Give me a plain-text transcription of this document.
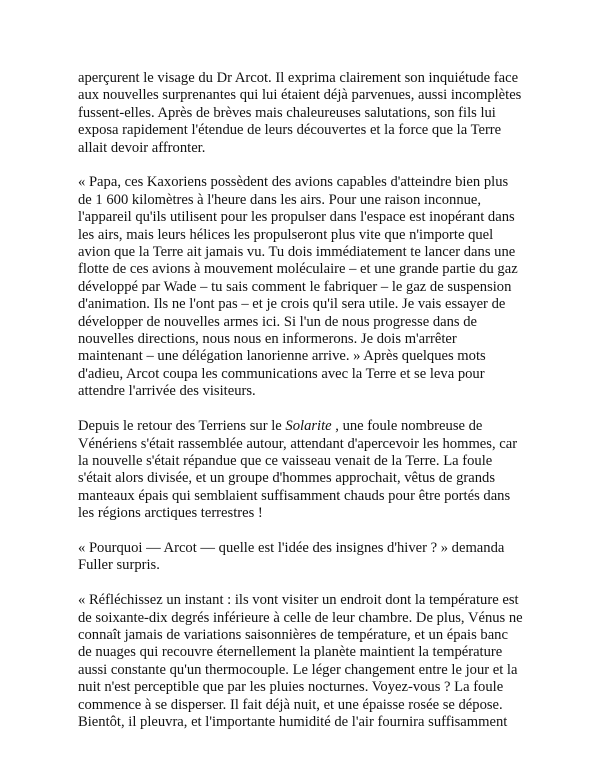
aperçurent le visage du Dr Arcot. Il exprima clairement son inquiétude face
aux nouvelles surprenantes qui lui étaient déjà parvenues, aussi incomplètes
fussent-elles. Après de brèves mais chaleureuses salutations, son fils lui
exposa rapidement l'étendue de leurs découvertes et la force que la Terre
allait devoir affronter.

« Papa, ces Kaxoriens possèdent des avions capables d'atteindre bien plus
de 1 600 kilomètres à l'heure dans les airs. Pour une raison inconnue,
l'appareil qu'ils utilisent pour les propulser dans l'espace est inopérant dans
les airs, mais leurs hélices les propulseront plus vite que n'importe quel
avion que la Terre ait jamais vu. Tu dois immédiatement te lancer dans une
flotte de ces avions à mouvement moléculaire – et une grande partie du gaz
développé par Wade – tu sais comment le fabriquer – le gaz de suspension
d'animation. Ils ne l'ont pas – et je crois qu'il sera utile. Je vais essayer de
développer de nouvelles armes ici. Si l'un de nous progresse dans de
nouvelles directions, nous nous en informerons. Je dois m'arrêter
maintenant – une délégation lanorienne arrive. » Après quelques mots
d'adieu, Arcot coupa les communications avec la Terre et se leva pour
attendre l'arrivée des visiteurs.

Depuis le retour des Terriens sur le Solarite , une foule nombreuse de
Vénériens s'était rassemblée autour, attendant d'apercevoir les hommes, car
la nouvelle s'était répandue que ce vaisseau venait de la Terre. La foule
s'était alors divisée, et un groupe d'hommes approchait, vêtus de grands
manteaux épais qui semblaient suffisamment chauds pour être portés dans
les régions arctiques terrestres !

« Pourquoi — Arcot — quelle est l'idée des insignes d'hiver ? » demanda
Fuller surpris.

« Réfléchissez un instant : ils vont visiter un endroit dont la température est
de soixante-dix degrés inférieure à celle de leur chambre. De plus, Vénus ne
connaît jamais de variations saisonnières de température, et un épais banc
de nuages qui recouvre éternellement la planète maintient la température
aussi constante qu'un thermocouple. Le léger changement entre le jour et la
nuit n'est perceptible que par les pluies nocturnes. Voyez-vous ? La foule
commence à se disperser. Il fait déjà nuit, et une épaisse rosée se dépose.
Bientôt, il pleuvra, et l'importante humidité de l'air fournira suffisamment
